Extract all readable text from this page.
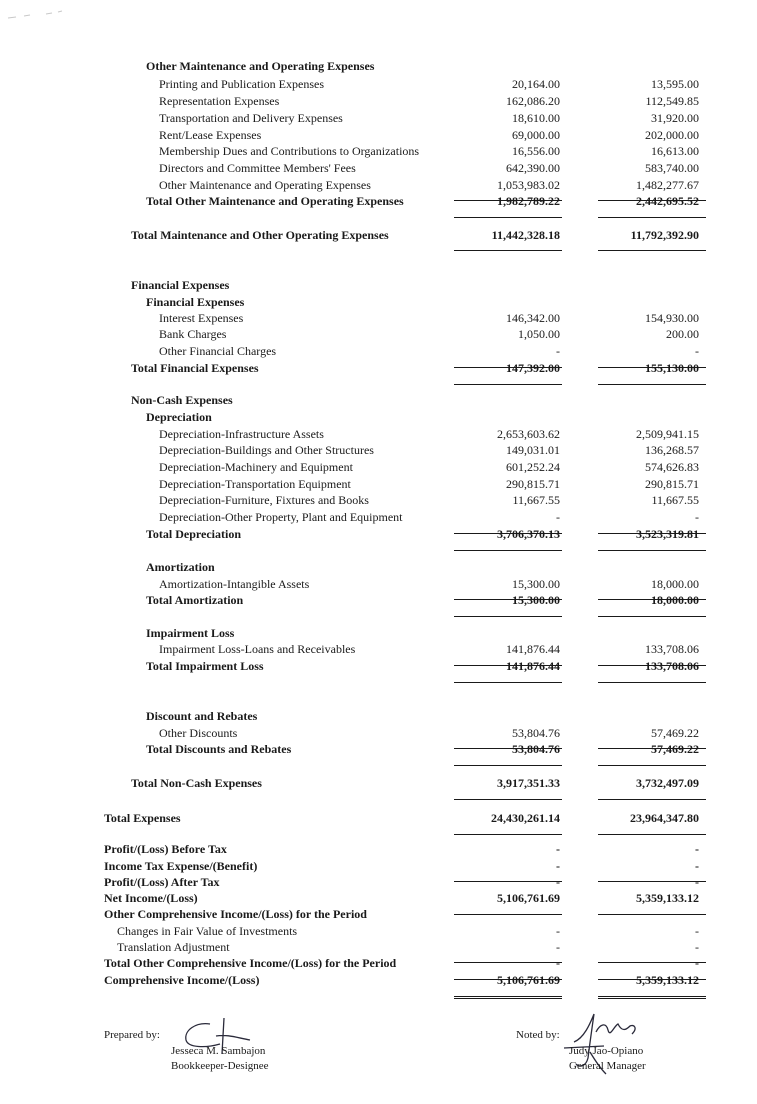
Other Maintenance and Operating Expenses
Printing and Publication Expenses	20,164.00	13,595.00
Representation Expenses	162,086.20	112,549.85
Transportation and Delivery Expenses	18,610.00	31,920.00
Rent/Lease Expenses	69,000.00	202,000.00
Membership Dues and Contributions to Organizations	16,556.00	16,613.00
Directors and Committee Members' Fees	642,390.00	583,740.00
Other Maintenance and Operating Expenses	1,053,983.02	1,482,277.67
Total Other Maintenance and Operating Expenses	1,982,789.22	2,442,695.52
Total Maintenance and Other Operating Expenses	11,442,328.18	11,792,392.90
Financial Expenses
Financial Expenses
Interest Expenses	146,342.00	154,930.00
Bank Charges	1,050.00	200.00
Other Financial Charges	-	-
Total Financial Expenses	147,392.00	155,130.00
Non-Cash Expenses
Depreciation
Depreciation-Infrastructure Assets	2,653,603.62	2,509,941.15
Depreciation-Buildings and Other Structures	149,031.01	136,268.57
Depreciation-Machinery and Equipment	601,252.24	574,626.83
Depreciation-Transportation Equipment	290,815.71	290,815.71
Depreciation-Furniture, Fixtures and Books	11,667.55	11,667.55
Depreciation-Other Property, Plant and Equipment	-	-
Total Depreciation	3,706,370.13	3,523,319.81
Amortization
Amortization-Intangible Assets	15,300.00	18,000.00
Total Amortization	15,300.00	18,000.00
Impairment Loss
Impairment Loss-Loans and Receivables	141,876.44	133,708.06
Total Impairment Loss	141,876.44	133,708.06
Discount and Rebates
Other Discounts	53,804.76	57,469.22
Total Discounts and Rebates	53,804.76	57,469.22
Total Non-Cash Expenses	3,917,351.33	3,732,497.09
Total Expenses	24,430,261.14	23,964,347.80
Profit/(Loss) Before Tax	-	-
Income Tax Expense/(Benefit)	-	-
Profit/(Loss) After Tax	-	-
Net Income/(Loss)	5,106,761.69	5,359,133.12
Other Comprehensive Income/(Loss) for the Period
Changes in Fair Value of Investments	-	-
Translation Adjustment	-	-
Total Other Comprehensive Income/(Loss) for the Period	-	-
Comprehensive Income/(Loss)	5,106,761.69	5,359,133.12
Prepared by:
Jesseca M. Sambajon
Bookkeeper-Designee
Noted by:
Judy Jao-Opiano
General Manager
